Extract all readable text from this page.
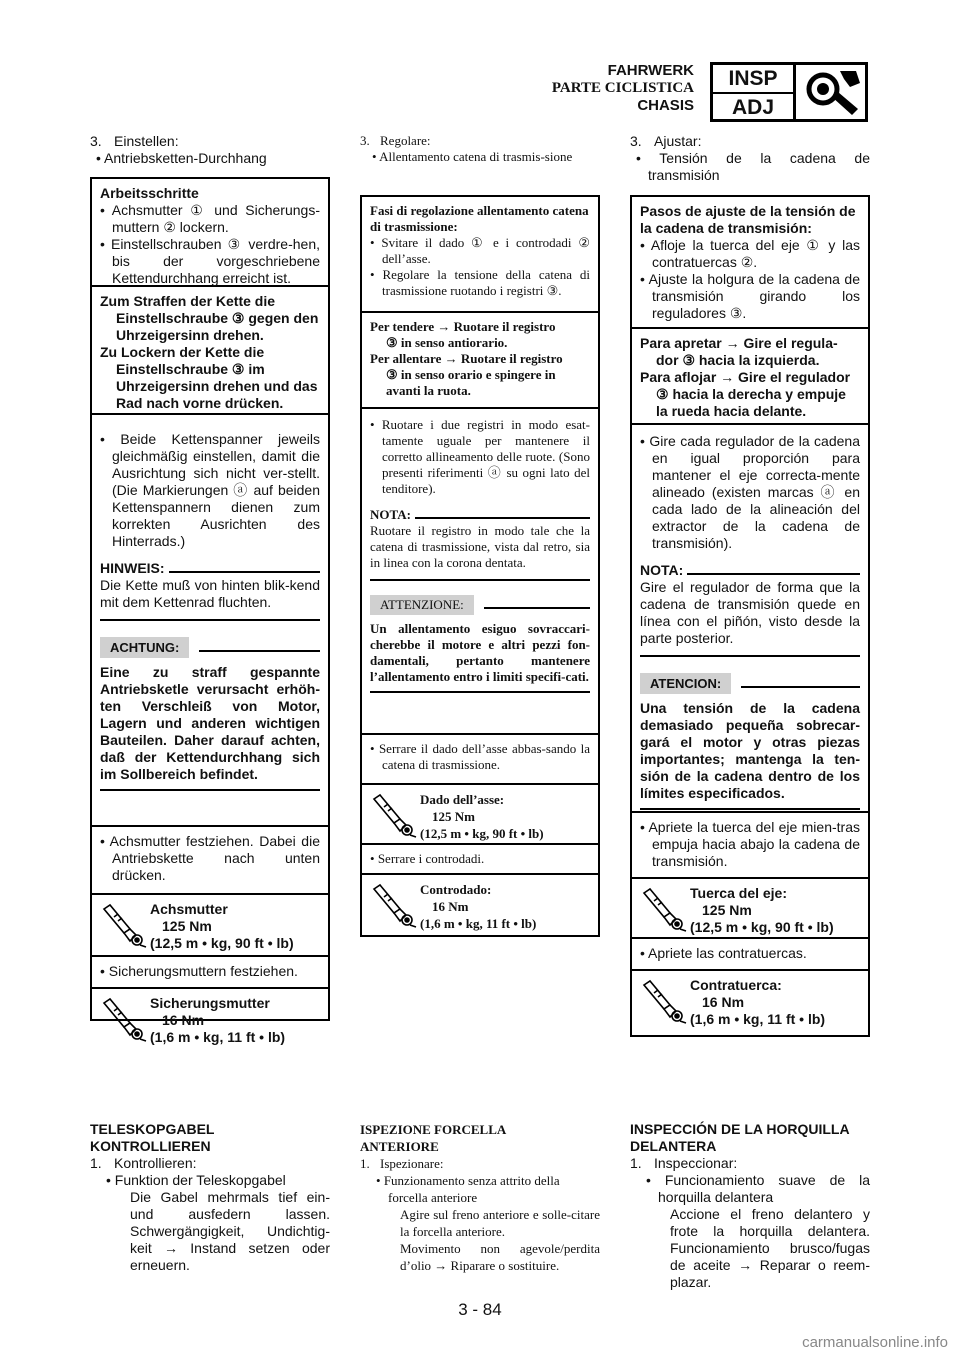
FAHRWERK
PARTE CICLISTICA
CHASIS
INSP
ADJ
3. Einstellen:
• Antriebsketten-Durchhang
Arbeitsschritte
• Achsmutter ① und Sicherungs-muttern ② lockern.
• Einstellschrauben ③ verdre-hen, bis der vorgeschriebene Kettendurchhang erreicht ist.
Zum Straffen der Kette die
Einstellschraube ③ gegen den Uhrzeigersinn drehen.
Zu Lockern der Kette die
Einstellschraube ③ im Uhrzeigersinn drehen und das Rad nach vorne drücken.
• Beide Kettenspanner jeweils gleichmäßig einstellen, damit die Ausrichtung sich nicht ver-stellt. (Die Markierungen ⓐ auf beiden Kettenspannern dienen zum korrekten Ausrichten des Hinterrads.)
HINWEIS:
Die Kette muß von hinten blik-kend mit dem Kettenrad fluchten.
ACHTUNG:
Eine zu straff gespannte Antriebsketle verursacht erhöh-ten Verschleiß von Motor, Lagern und anderen wichtigen Bauteilen. Daher darauf achten, daß der Kettendurchhang sich im Sollbereich befindet.
• Achsmutter festziehen. Dabei die Antriebskette nach unten drücken.
Achsmutter
125 Nm
(12,5 m • kg, 90 ft • lb)
• Sicherungsmuttern festziehen.
Sicherungsmutter
16 Nm
(1,6 m • kg, 11 ft • lb)
TELESKOPGABEL
KONTROLLIEREN
1. Kontrollieren:
• Funktion der Teleskopgabel
Die Gabel mehrmals tief ein- und ausfedern lassen. Schwergängigkeit, Undichtig-keit → Instand setzen oder erneuern.
3. Regolare:
• Allentamento catena di trasmis-sione
Fasi di regolazione allentamento catena di trasmissione:
• Svitare il dado ① e i controdadi ② dell’asse.
• Regolare la tensione della catena di trasmissione ruotando i registri ③.
Per tendere → Ruotare il registro
③ in senso antiorario.
Per allentare → Ruotare il registro
③ in senso orario e spingere in avanti la ruota.
• Ruotare i due registri in modo esat-tamente uguale per mantenere il corretto allineamento delle ruote. (Sono presenti riferimenti ⓐ su ogni lato del tenditore).
NOTA:
Ruotare il registro in modo tale che la catena di trasmissione, vista dal retro, sia in linea con la corona dentata.
ATTENZIONE:
Un allentamento esiguo sovraccari-cherebbe il motore e altri pezzi fon-damentali, pertanto mantenere l’allentamento entro i limiti specifi-cati.
• Serrare il dado dell’asse abbas-sando la catena di trasmissione.
Dado dell’asse:
125 Nm
(12,5 m • kg, 90 ft • lb)
• Serrare i controdadi.
Controdado:
16 Nm
(1,6 m • kg, 11 ft • lb)
ISPEZIONE FORCELLA
ANTERIORE
1. Ispezionare:
• Funzionamento senza attrito della forcella anteriore
Agire sul freno anteriore e solle-citare la forcella anteriore.
Movimento non agevole/perdita d’olio → Riparare o sostituire.
3. Ajustar:
• Tensión de la cadena de transmisión
Pasos de ajuste de la tensión de la cadena de transmisión:
• Afloje la tuerca del eje ① y las contratuercas ②.
• Ajuste la holgura de la cadena de transmisión girando los reguladores ③.
Para apretar → Gire el regula-
dor ③ hacia la izquierda.
Para aflojar → Gire el regulador
③ hacia la derecha y empuje la rueda hacia delante.
• Gire cada regulador de la cadena en igual proporción para mantener el eje correcta-mente alineado (existen marcas ⓐ en cada lado de la alineación del extractor de la cadena de transmisión).
NOTA:
Gire el regulador de forma que la cadena de transmisión quede en línea con el piñón, visto desde la parte posterior.
ATENCION:
Una tensión de la cadena demasiado pequeña sobrecar-gará el motor y otras piezas importantes; mantenga la ten-sión de la cadena dentro de los límites especificados.
• Apriete la tuerca del eje mien-tras empuja hacia abajo la cadena de transmisión.
Tuerca del eje:
125 Nm
(12,5 m • kg, 90 ft • lb)
• Apriete las contratuercas.
Contratuerca:
16 Nm
(1,6 m • kg, 11 ft • lb)
INSPECCIÓN DE LA HORQUILLA
DELANTERA
1. Inspeccionar:
• Funcionamiento suave de la horquilla delantera
Accione el freno delantero y frote la horquilla delantera. Funcionamiento brusco/fugas de aceite → Reparar o reem-plazar.
3 - 84
carmanualsonline.info
